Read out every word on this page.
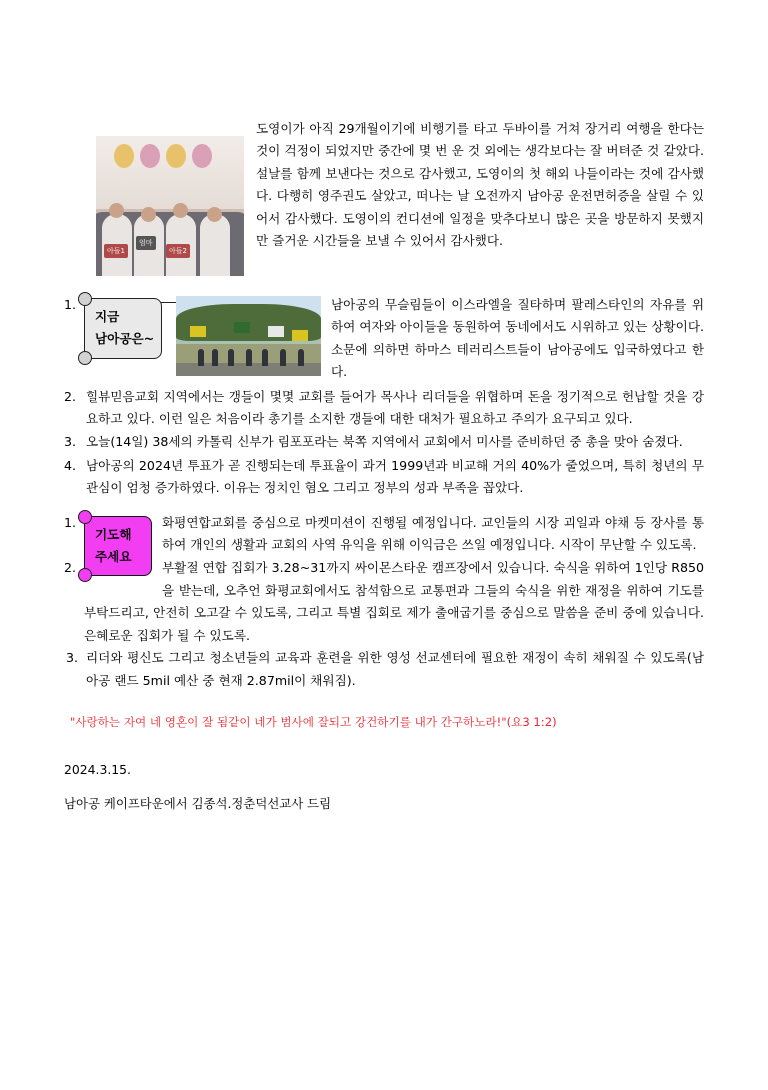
아들1	아들2
엄마

도영이가 아직 29개월이기에 비행기를 타고 두바이를 거쳐 장거리 여행을 한다는 것이 걱정이 되었지만 중간에 몇 번 운 것 외에는 생각보다는 잘 버텨준 것 같았다. 설날를 함께 보낸다는 것으로 감사했고, 도영이의 첫 해외 나들이라는 것에 감사했다. 다행히 영주권도 살았고, 떠나는 날 오전까지 남아공 운전면허증을 살릴 수 있어서 감사했다. 도영이의 컨디션에 일정을 맞추다보니 많은 곳을 방문하지 못했지만 즐거운 시간들을 보낼 수 있어서 감사했다.

지금
남아공은~
1.	남아공의 무슬림들이 이스라엘을 질타하며 팔레스타인의 자유를 위하여 여자와 아이들을 동원하여 동네에서도 시위하고 있는 상황이다. 소문에 의하면 하마스 테러리스트들이 남아공에도 입국하였다고 한다.
2. 힐뷰믿음교회 지역에서는 갱들이 몇몇 교회를 들어가 목사나 리더들을 위협하며 돈을 정기적으로 헌납할 것을 강요하고 있다. 이런 일은 처음이라 총기를 소지한 갱들에 대한 대처가 필요하고 주의가 요구되고 있다.
3. 오늘(14일) 38세의 카톨릭 신부가 림포포라는 북쪽 지역에서 교회에서 미사를 준비하던 중 총을 맞아 숨졌다.
4. 남아공의 2024년 투표가 곧 진행되는데 투표율이 과거 1999년과 비교해 거의 40%가 줄었으며, 특히 청년의 무관심이 엄청 증가하였다. 이유는 정치인 혐오 그리고 정부의 성과 부족을 꼽았다.
기도해
주세요
1.	화평연합교회를 중심으로 마켓미션이 진행될 예정입니다. 교인들의 시장 괴일과 야채 등 장사를 통하여 개인의 생활과 교회의 사역 유익을 위해 이익금은 쓰일 예정입니다. 시작이 무난할 수 있도록.
2.	부활절 연합 집회가 3.28~31까지 싸이몬스타운 캠프장에서 있습니다. 숙식을 위하여 1인당 R850을 받는데, 오추언 화평교회에서도 참석함으로 교통편과 그들의 숙식을 위한 재정을 위하여 기도를 부탁드리고, 안전히 오고갈 수 있도록, 그리고 특별 집회로 제가 출애굽기를 중심으로 말씀을 준비 중에 있습니다. 은혜로운 집회가 될 수 있도록.
3. 리더와 평신도 그리고 청소년들의 교육과 훈련을 위한 영성 선교센터에 필요한 재정이 속히 채워질 수 있도록(남아공 랜드 5mil 예산 중 현재 2.87mil이 채워짐).
"사랑하는 자여 네 영혼이 잘 됨같이 네가 범사에 잘되고 강건하기를 내가 간구하노라!"(요3 1:2)
2024.3.15.
남아공 케이프타운에서 김종석.정춘덕선교사 드림
